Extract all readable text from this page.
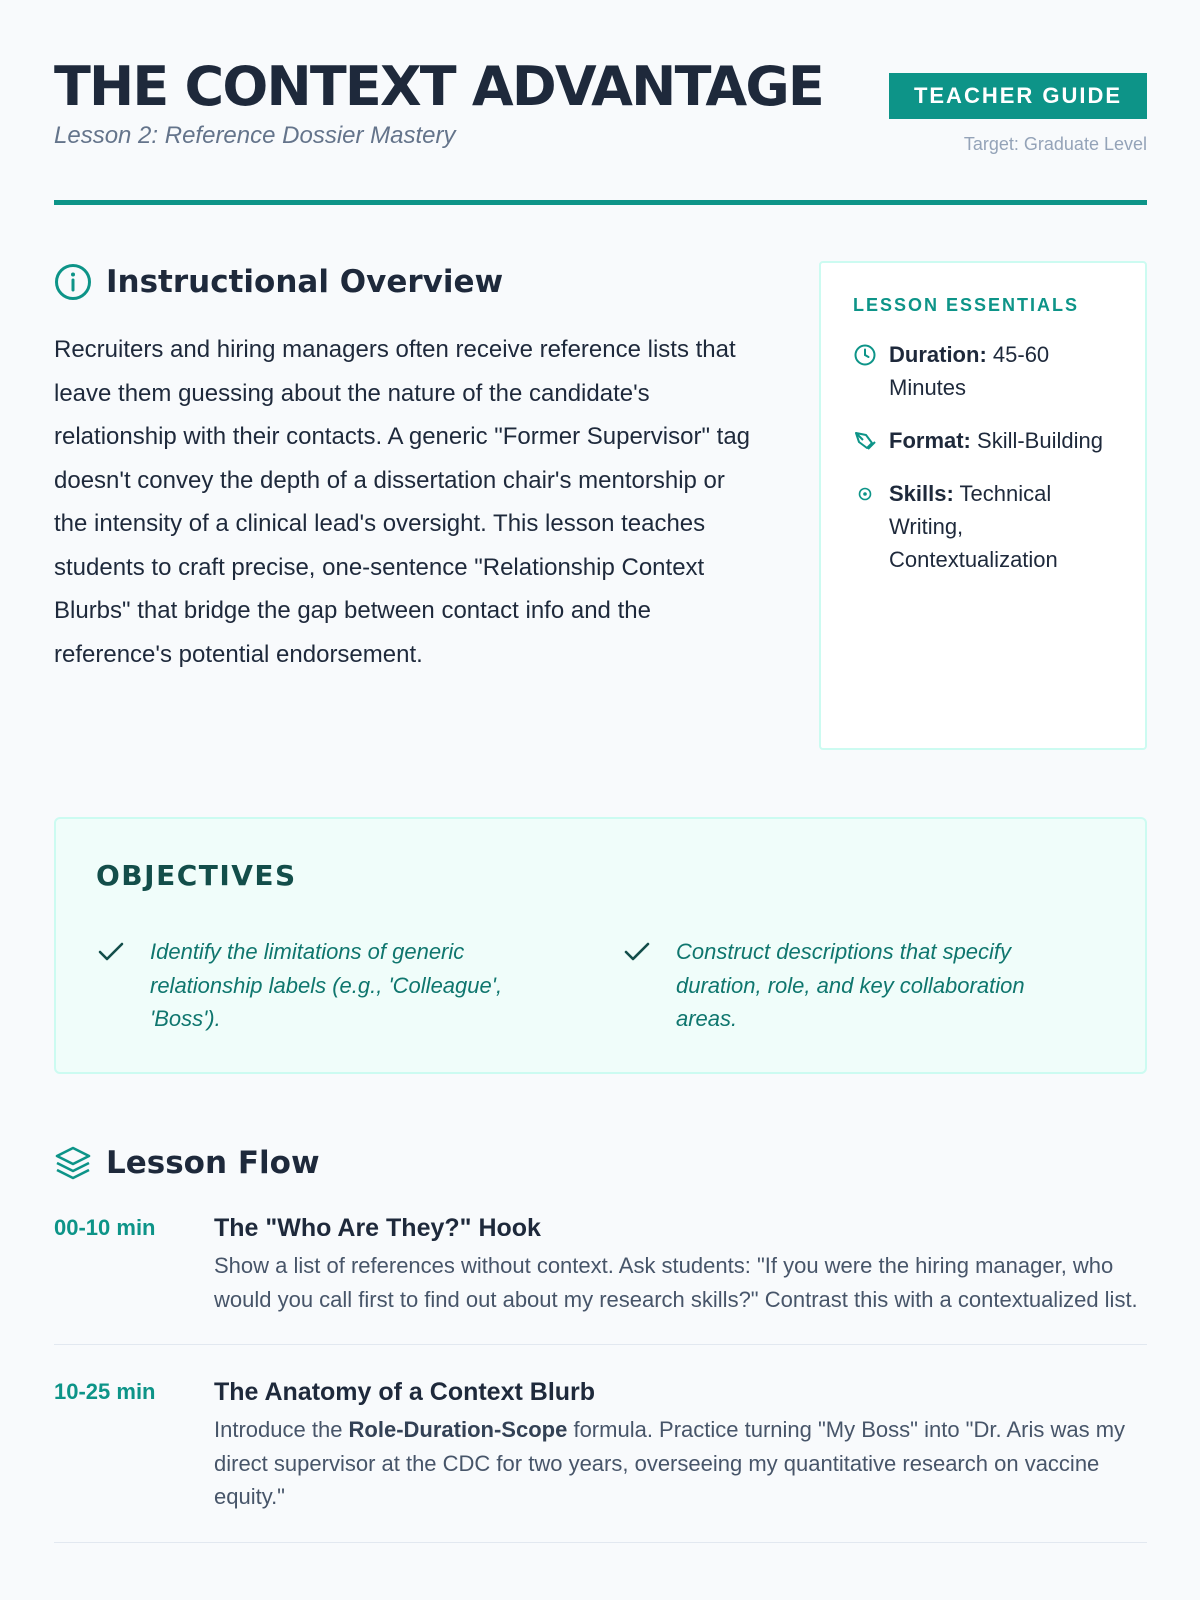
THE CONTEXT ADVANTAGE
Lesson 2: Reference Dossier Mastery
TEACHER GUIDE
Target: Graduate Level
Instructional Overview

Recruiters and hiring managers often receive reference lists that leave them guessing about the nature of the candidate's relationship with their contacts. A generic "Former Supervisor" tag doesn't convey the depth of a dissertation chair's mentorship or the intensity of a clinical lead's oversight. This lesson teaches students to craft precise, one-sentence "Relationship Context Blurbs" that bridge the gap between contact info and the reference's potential endorsement.

LESSON ESSENTIALS
Duration: 45-60 Minutes
Format: Skill-Building
Skills: Technical Writing, Contextualization
OBJECTIVES
Identify the limitations of generic relationship labels (e.g., 'Colleague', 'Boss').
Construct descriptions that specify duration, role, and key collaboration areas.
Lesson Flow
00-10 min	The "Who Are They?" Hook
Show a list of references without context. Ask students: "If you were the hiring manager, who would you call first to find out about my research skills?" Contrast this with a contextualized list.
10-25 min	The Anatomy of a Context Blurb
Introduce the Role-Duration-Scope formula. Practice turning "My Boss" into "Dr. Aris was my direct supervisor at the CDC for two years, overseeing my quantitative research on vaccine equity."
